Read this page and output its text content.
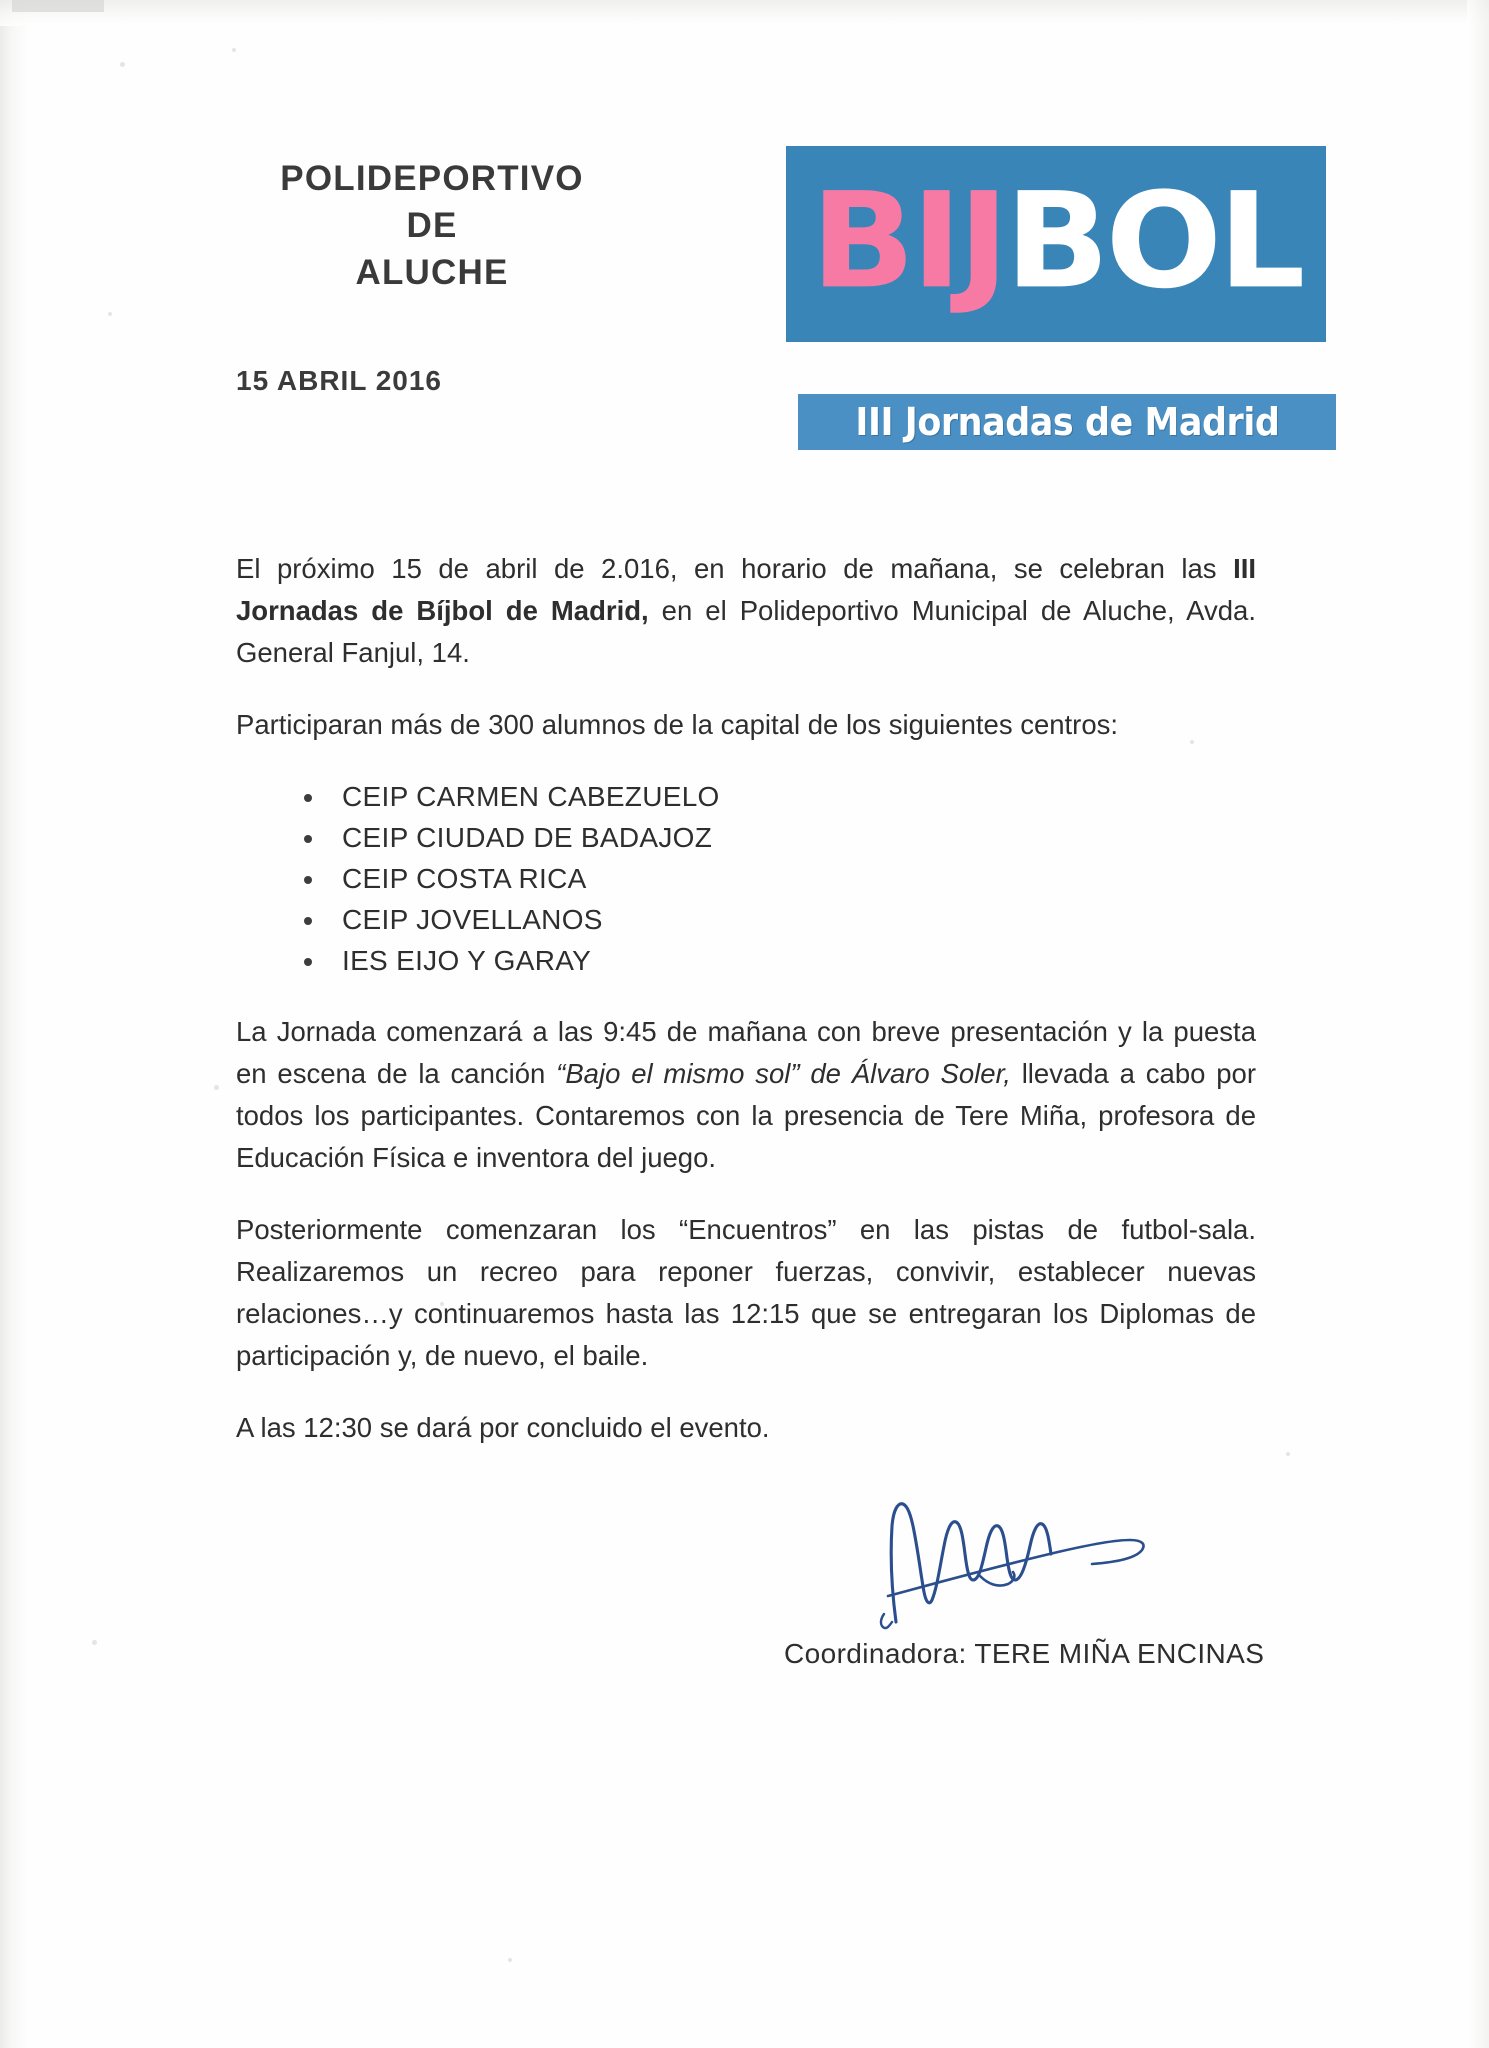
POLIDEPORTIVO
DE
ALUCHE
15 ABRIL 2016
BIJBOL
III Jornadas de Madrid

El próximo 15 de abril de 2.016, en horario de mañana, se celebran las III Jornadas de Bíjbol de Madrid, en el Polideportivo Municipal de Aluche, Avda. General Fanjul, 14.

Participaran más de 300 alumnos de la capital de los siguientes centros:

CEIP CARMEN CABEZUELO
CEIP CIUDAD DE BADAJOZ
CEIP COSTA RICA
CEIP JOVELLANOS
IES EIJO Y GARAY

La Jornada comenzará a las 9:45 de mañana con breve presentación y la puesta en escena de la canción “Bajo el mismo sol” de Álvaro Soler, llevada a cabo por todos los participantes. Contaremos con la presencia de Tere Miña, profesora de Educación Física e inventora del juego.

Posteriormente comenzaran los “Encuentros” en las pistas de futbol-sala. Realizaremos un recreo para reponer fuerzas, convivir, establecer nuevas relaciones…y continuaremos hasta las 12:15 que se entregaran los Diplomas de participación y, de nuevo, el baile.

A las 12:30 se dará por concluido el evento.

Coordinadora: TERE MIÑA ENCINAS
